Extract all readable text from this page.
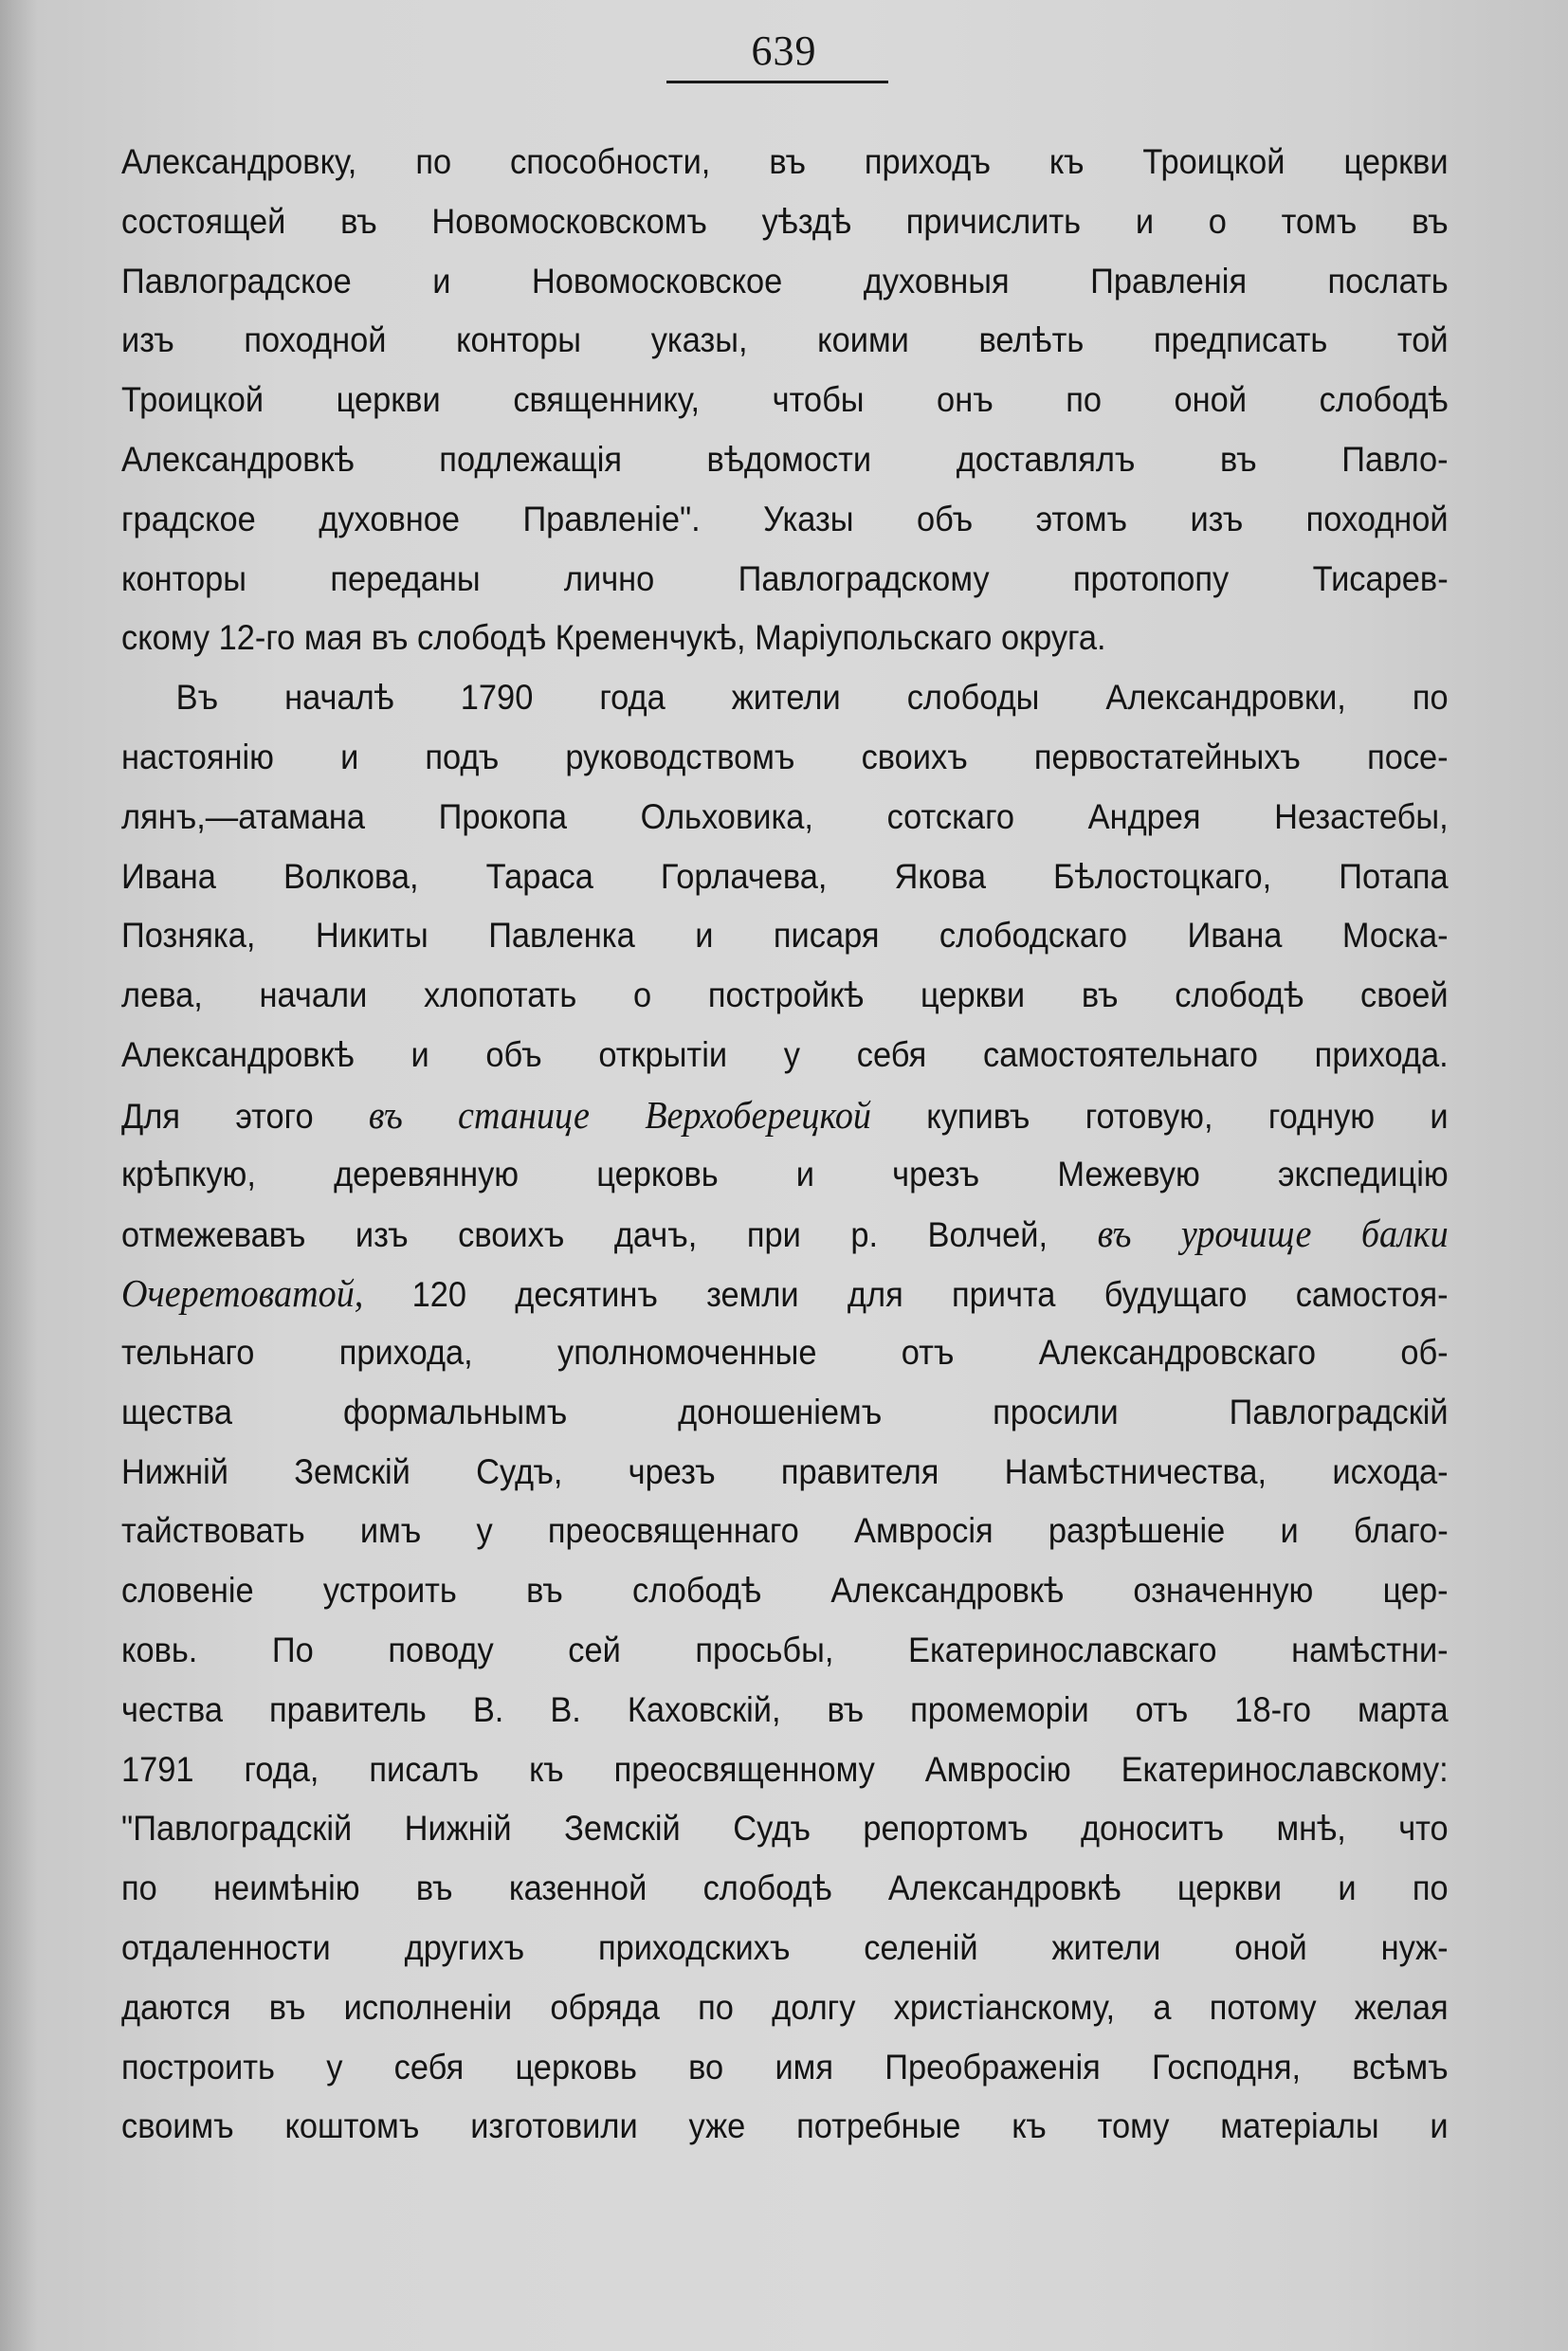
639
Александровку, по способности, въ приходъ къ Троицкой церкви
состоящей въ Новомосковскомъ уѣздѣ причислить и о томъ въ
Павлоградское и Новомосковское духовныя Правленія послать
изъ походной конторы указы, коими велѣть предписать той
Троицкой церкви священнику, чтобы онъ по оной слободѣ
Александровкѣ подлежащія вѣдомости доставлялъ въ Павло-
градское духовное Правленіе". Указы объ этомъ изъ походной
конторы переданы лично Павлоградскому протопопу Тисарев-
скому 12-го мая въ слободѣ Кременчукѣ, Маріупольскаго округа.
Въ началѣ 1790 года жители слободы Александровки, по
настоянію и подъ руководствомъ своихъ первостатейныхъ посе-
лянъ,—атамана Прокопа Ольховика, сотскаго Андрея Незастебы,
Ивана Волкова, Тараса Горлачева, Якова Бѣлостоцкаго, Потапа
Позняка, Никиты Павленка и писаря слободскаго Ивана Моска-
лева, начали хлопотать о постройкѣ церкви въ слободѣ своей
Александровкѣ и объ открытіи у себя самостоятельнаго прихода.
Для этого въ станице Верхоберецкой купивъ готовую, годную и
крѣпкую, деревянную церковь и чрезъ Межевую экспедицію
отмежевавъ изъ своихъ дачъ, при р. Волчей, въ урочище балки
Очеретоватой, 120 десятинъ земли для причта будущаго самостоя-
тельнаго прихода, уполномоченные отъ Александровскаго об-
щества формальнымъ доношеніемъ просили Павлоградскій
Нижній Земскій Судъ, чрезъ правителя Намѣстничества, исхода-
тайствовать имъ у преосвященнаго Амвросія разрѣшеніе и благо-
словеніе устроить въ слободѣ Александровкѣ означенную цер-
ковь. По поводу сей просьбы, Екатеринославскаго намѣстни-
чества правитель В. В. Каховскій, въ промеморіи отъ 18-го марта
1791 года, писалъ къ преосвященному Амвросію Екатеринославскому:
"Павлоградскій Нижній Земскій Судъ репортомъ доноситъ мнѣ, что
по неимѣнію въ казенной слободѣ Александровкѣ церкви и по
отдаленности другихъ приходскихъ селеній жители оной нуж-
даются въ исполненіи обряда по долгу христіанскому, а потому желая
построить у себя церковь во имя Преображенія Господня, всѣмъ
своимъ коштомъ изготовили уже потребные къ тому матеріалы и
